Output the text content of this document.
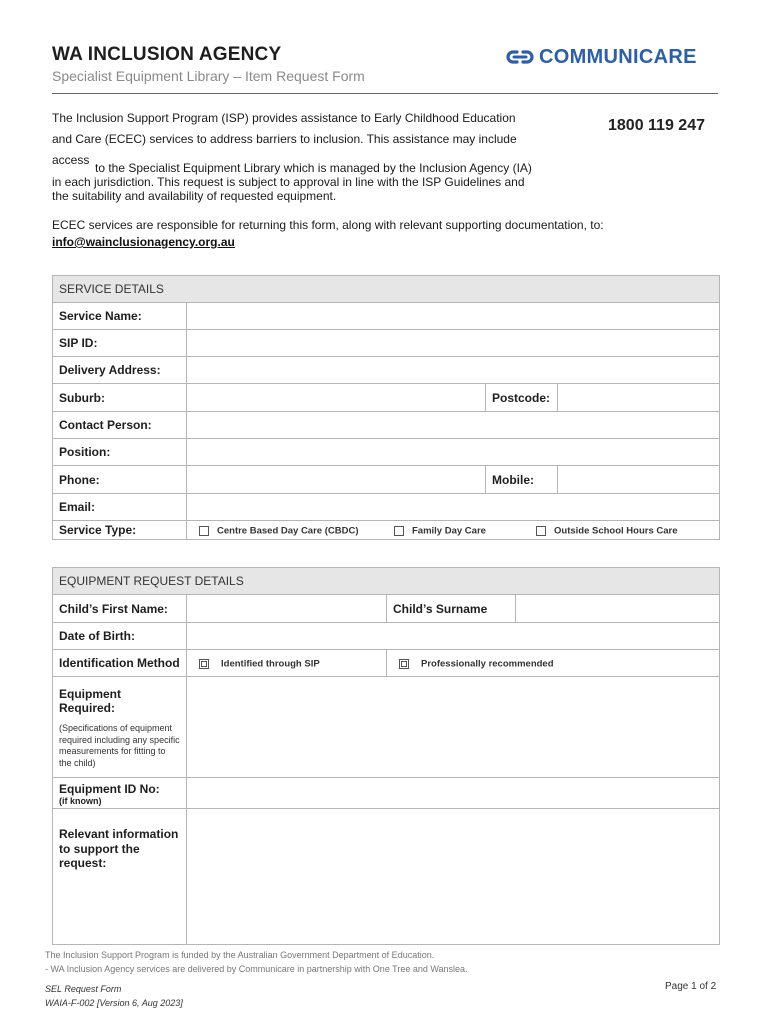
WA INCLUSION AGENCY
Specialist Equipment Library – Item Request Form
COMMUNICARE
The Inclusion Support Program (ISP) provides assistance to Early Childhood Education
and Care (ECEC) services to address barriers to inclusion. This assistance may include
access
to the Specialist Equipment Library which is managed by the Inclusion Agency (IA)
in each jurisdiction. This request is subject to approval in line with the ISP Guidelines and
the suitability and availability of requested equipment.
1800 119 247
ECEC services are responsible for returning this form, along with relevant supporting documentation, to:
info@wainclusionagency.org.au
SERVICE DETAILS			
Service Name:			
SIP ID:			
Delivery Address:			
Suburb:		Postcode:	
Contact Person:			
Position:			
Phone:		Mobile:	
Email:			
Service Type:	Centre Based Day Care (CBDC) Family Day Care Outside School Hours Care		
EQUIPMENT REQUEST DETAILS			
Child’s First Name:		Child’s Surname	
Date of Birth:			
Identification Method	Identified through SIP	Professionally recommended	
Equipment Required:
(Specifications of equipment required including any specific measurements for fitting to the child)			

Equipment ID No:
(if known)			

Relevant information to support the request:			
The Inclusion Support Program is funded by the Australian Government Department of Education.
- WA Inclusion Agency services are delivered by Communicare in partnership with One Tree and Wanslea.
SEL Request Form
WAIA-F-002 [Version 6, Aug 2023]
Page 1 of 2
